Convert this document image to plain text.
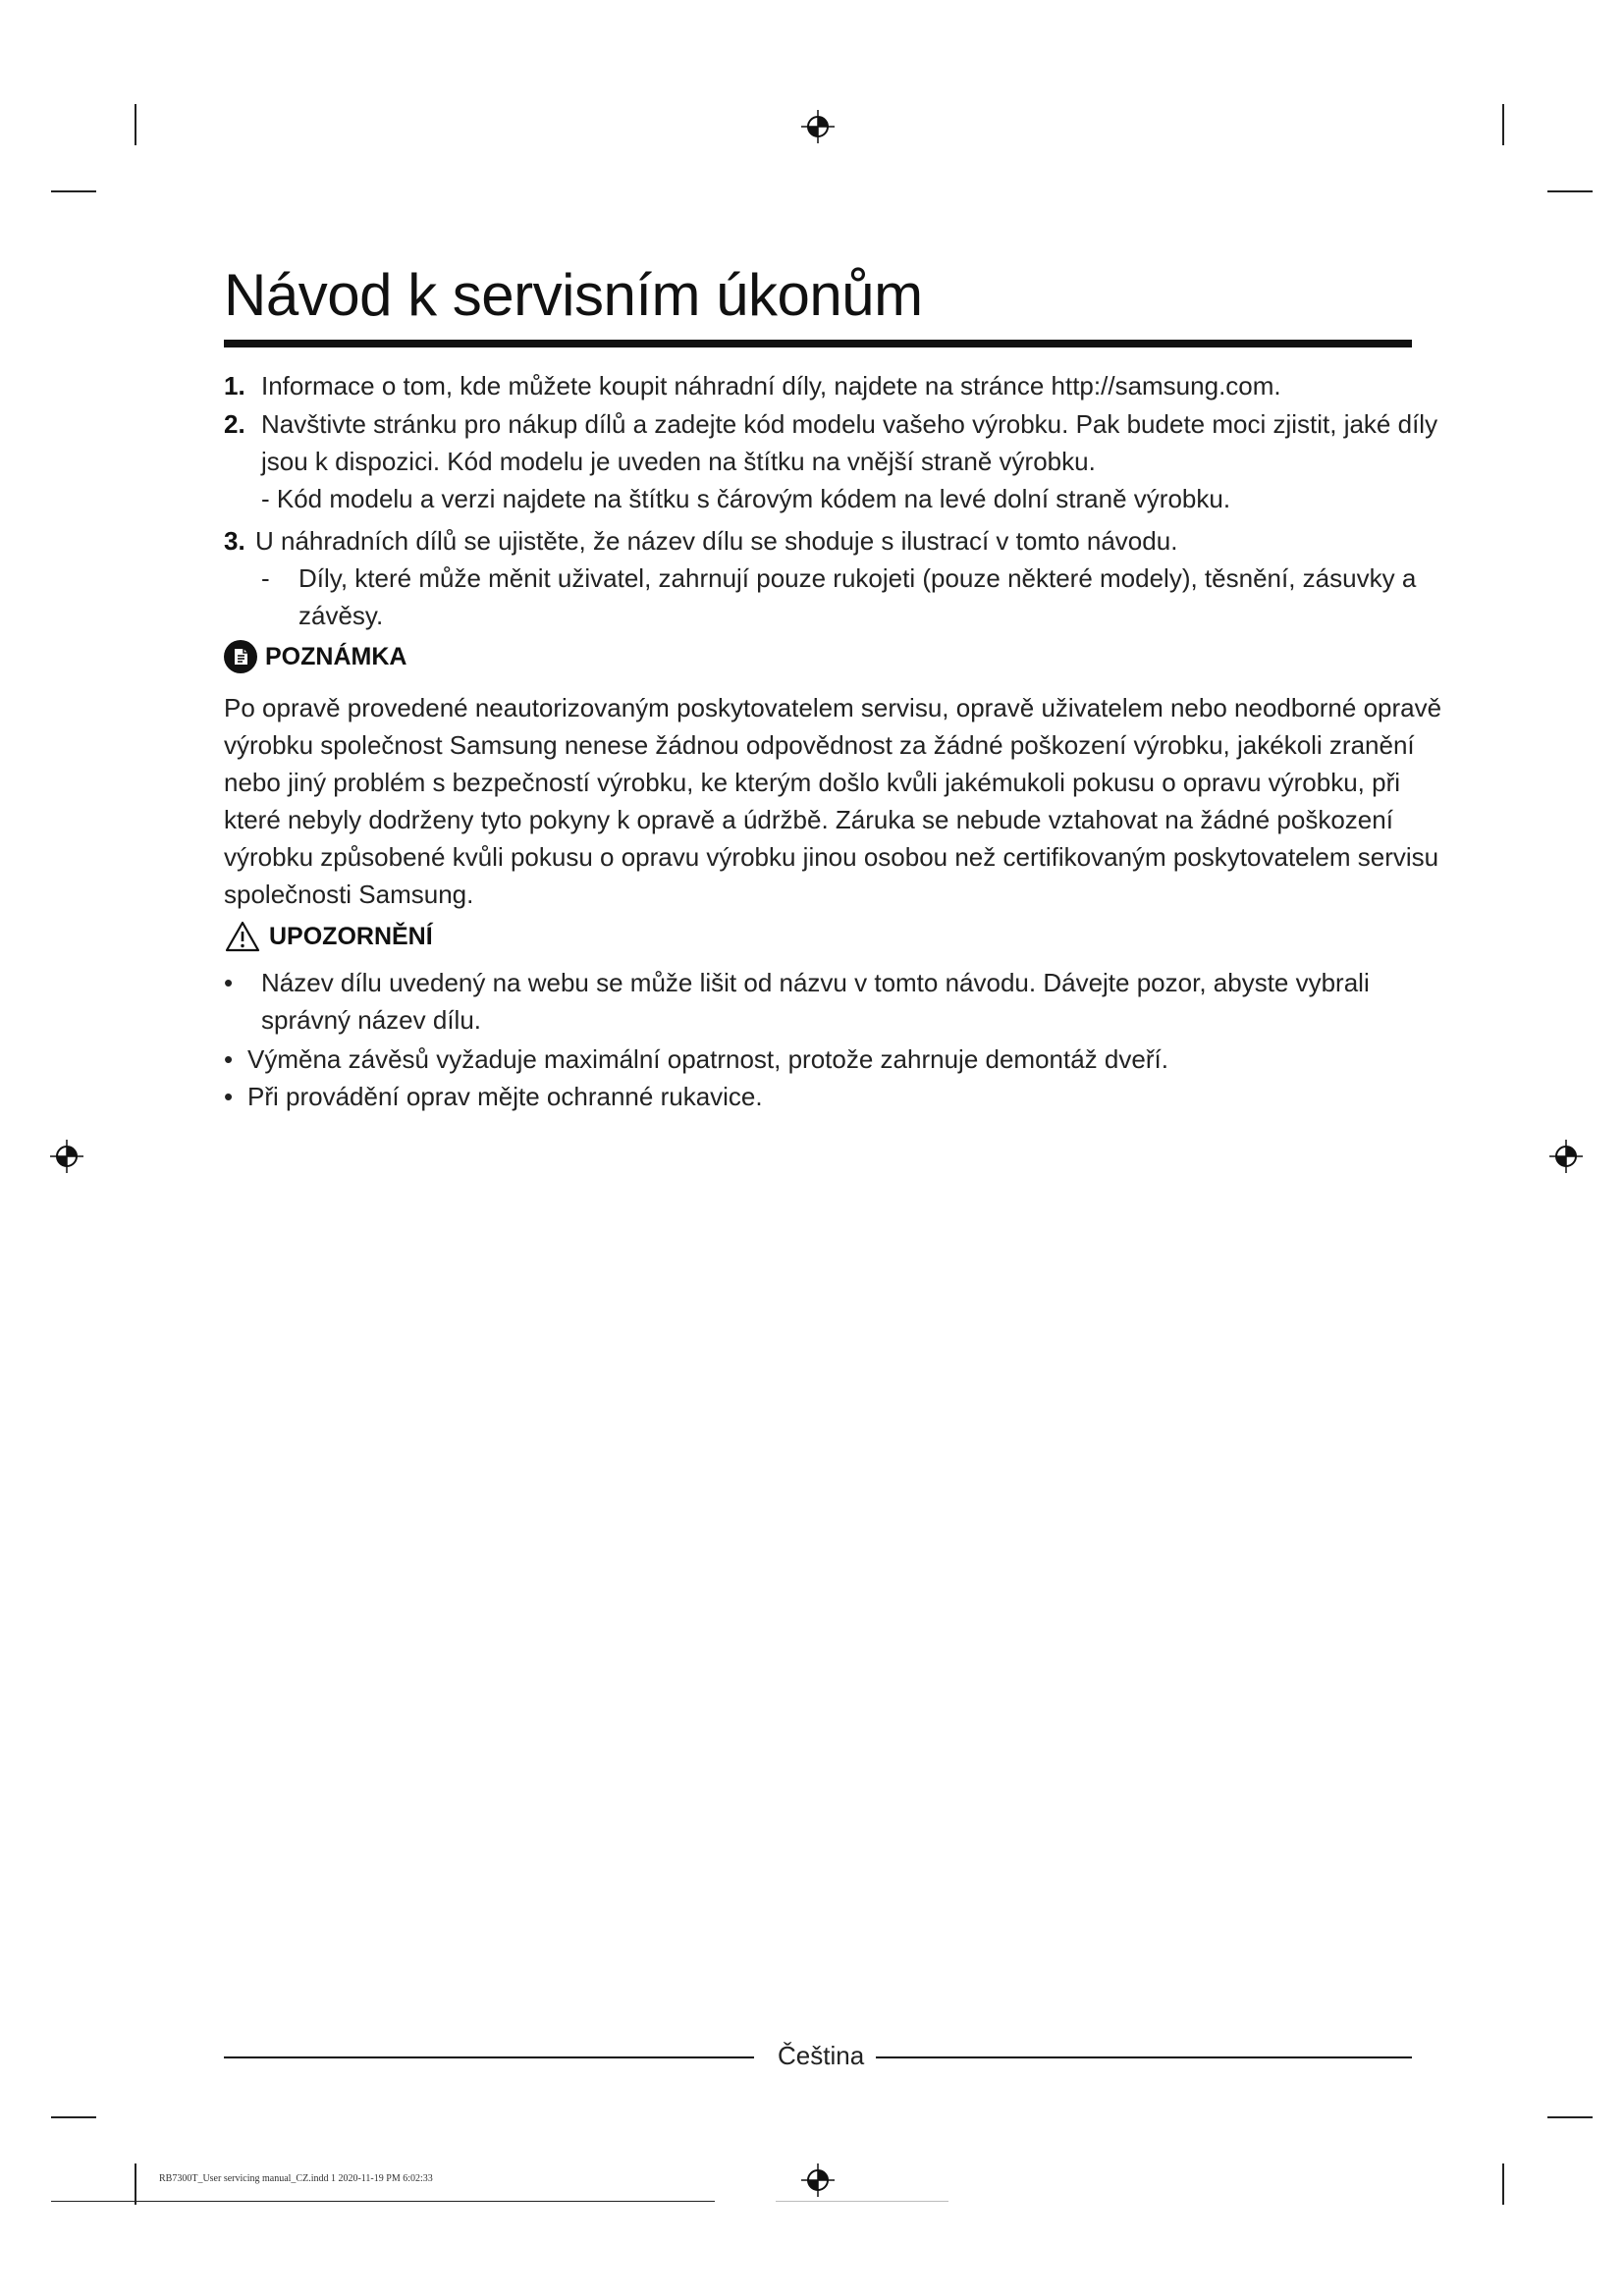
Návod k servisním úkonům
1. Informace o tom, kde můžete koupit náhradní díly, najdete na stránce http://samsung.com.
2. Navštivte stránku pro nákup dílů a zadejte kód modelu vašeho výrobku. Pak budete moci zjistit, jaké díly
jsou k dispozici. Kód modelu je uveden na štítku na vnější straně výrobku.
- Kód modelu a verzi najdete na štítku s čárovým kódem na levé dolní straně výrobku.
3. U náhradních dílů se ujistěte, že název dílu se shoduje s ilustrací v tomto návodu.
- Díly, které může měnit uživatel, zahrnují pouze rukojeti (pouze některé modely), těsnění, zásuvky a
závěsy.
POZNÁMKA
Po opravě provedené neautorizovaným poskytovatelem servisu, opravě uživatelem nebo neodborné opravě
výrobku společnost Samsung nenese žádnou odpovědnost za žádné poškození výrobku, jakékoli zranění
nebo jiný problém s bezpečností výrobku, ke kterým došlo kvůli jakémukoli pokusu o opravu výrobku, při
které nebyly dodrženy tyto pokyny k opravě a údržbě. Záruka se nebude vztahovat na žádné poškození
výrobku způsobené kvůli pokusu o opravu výrobku jinou osobou než certifikovaným poskytovatelem servisu
společnosti Samsung.
UPOZORNĚNÍ
• Název dílu uvedený na webu se může lišit od názvu v tomto návodu. Dávejte pozor, abyste vybrali
správný název dílu.
• Výměna závěsů vyžaduje maximální opatrnost, protože zahrnuje demontáž dveří.
• Při provádění oprav mějte ochranné rukavice.
Čeština
RB7300T_User servicing manual_CZ.indd 1 2020-11-19 PM 6:02:33
